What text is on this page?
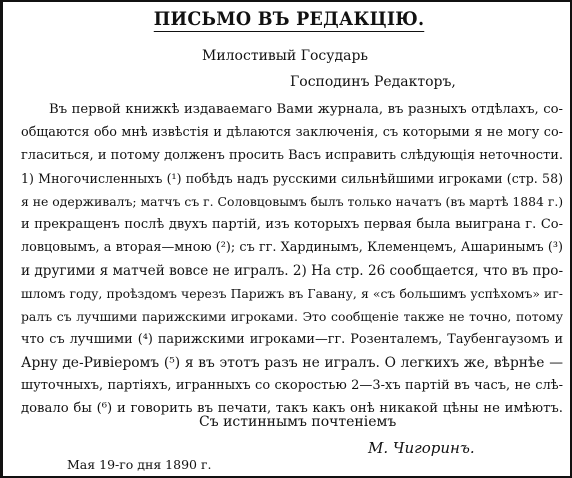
ПИСЬМО ВЪ РЕДАКЦІЮ.
Милостивый Государь
Господинъ Редакторъ,
Въ первой книжкѣ издаваемаго Вами журнала, въ разныхъ отдѣлахъ, со-
общаются обо мнѣ извѣстія и дѣлаются заключенія, съ которыми я не могу со-
гласиться, и потому долженъ просить Васъ исправить слѣдующія неточности.
1) Многочисленныхъ (¹) побѣдъ надъ русскими сильнѣйшими игроками (стр. 58)
я не одерживалъ; матчъ съ г. Соловцовымъ былъ только начатъ (въ мартѣ 1884 г.)
и прекращенъ послѣ двухъ партій, изъ которыхъ первая была выиграна г. Со-
ловцовымъ, а вторая—мною (²); съ гг. Хардинымъ, Клеменцемъ, Ашаринымъ (³)
и другими я матчей вовсе не игралъ. 2) На стр. 26 сообщается, что въ про-
шломъ году, проѣздомъ черезъ Парижъ въ Гавану, я «съ большимъ успѣхомъ» иг-
ралъ съ лучшими парижскими игроками. Это сообщеніе также не точно, потому
что съ лучшими (⁴) парижскими игроками—гг. Розенталемъ, Таубенгаузомъ и
Арну де-Ривіеромъ (⁵) я въ этотъ разъ не игралъ. О легкихъ же, вѣрнѣе —
шуточныхъ, партіяхъ, игранныхъ со скоростью 2—3-хъ партій въ часъ, не слѣ-
довало бы (⁶) и говорить въ печати, такъ какъ онѣ никакой цѣны не имѣютъ.
Съ истиннымъ почтеніемъ
М. Чигоринъ.
Мая 19-го дня 1890 г.
